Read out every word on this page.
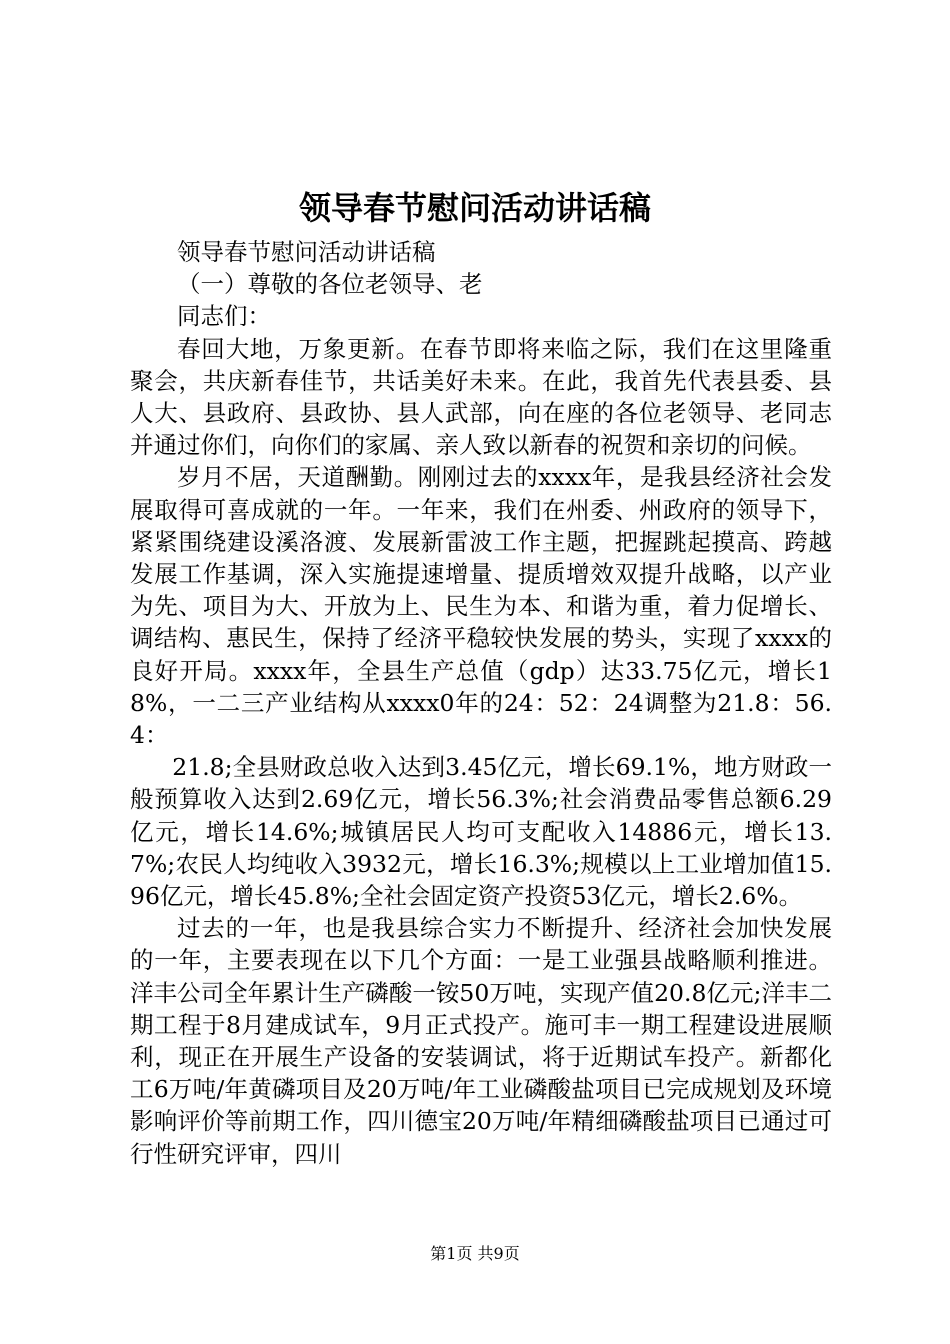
领导春节慰问活动讲话稿

领导春节慰问活动讲话稿

（一）尊敬的各位老领导、老

同志们：

春回大地，万象更新。在春节即将来临之际，我们在这里隆重聚会，共庆新春佳节，共话美好未来。在此，我首先代表县委、县人大、县政府、县政协、县人武部，向在座的各位老领导、老同志并通过你们，向你们的家属、亲人致以新春的祝贺和亲切的问候。

岁月不居，天道酬勤。刚刚过去的xxxx年，是我县经济社会发展取得可喜成就的一年。一年来，我们在州委、州政府的领导下，紧紧围绕建设溪洛渡、发展新雷波工作主题，把握跳起摸高、跨越发展工作基调，深入实施提速增量、提质增效双提升战略，以产业为先、项目为大、开放为上、民生为本、和谐为重，着力促增长、调结构、惠民生，保持了经济平稳较快发展的势头，实现了xxxx的良好开局。xxxx年，全县生产总值（gdp）达33.75亿元，增长18%，一二三产业结构从xxxx0年的24：52：24调整为21.8：56.4：

21.8;全县财政总收入达到3.45亿元，增长69.1%，地方财政一般预算收入达到2.69亿元，增长56.3%;社会消费品零售总额6.29亿元，增长14.6%;城镇居民人均可支配收入14886元，增长13.7%;农民人均纯收入3932元，增长16.3%;规模以上工业增加值15.96亿元，增长45.8%;全社会固定资产投资53亿元，增长2.6%。

过去的一年，也是我县综合实力不断提升、经济社会加快发展的一年，主要表现在以下几个方面：一是工业强县战略顺利推进。洋丰公司全年累计生产磷酸一铵50万吨，实现产值20.8亿元;洋丰二期工程于8月建成试车，9月正式投产。施可丰一期工程建设进展顺利，现正在开展生产设备的安装调试，将于近期试车投产。新都化工6万吨/年黄磷项目及20万吨/年工业磷酸盐项目已完成规划及环境影响评价等前期工作，四川德宝20万吨/年精细磷酸盐项目已通过可行性研究评审，四川

第1页 共9页
